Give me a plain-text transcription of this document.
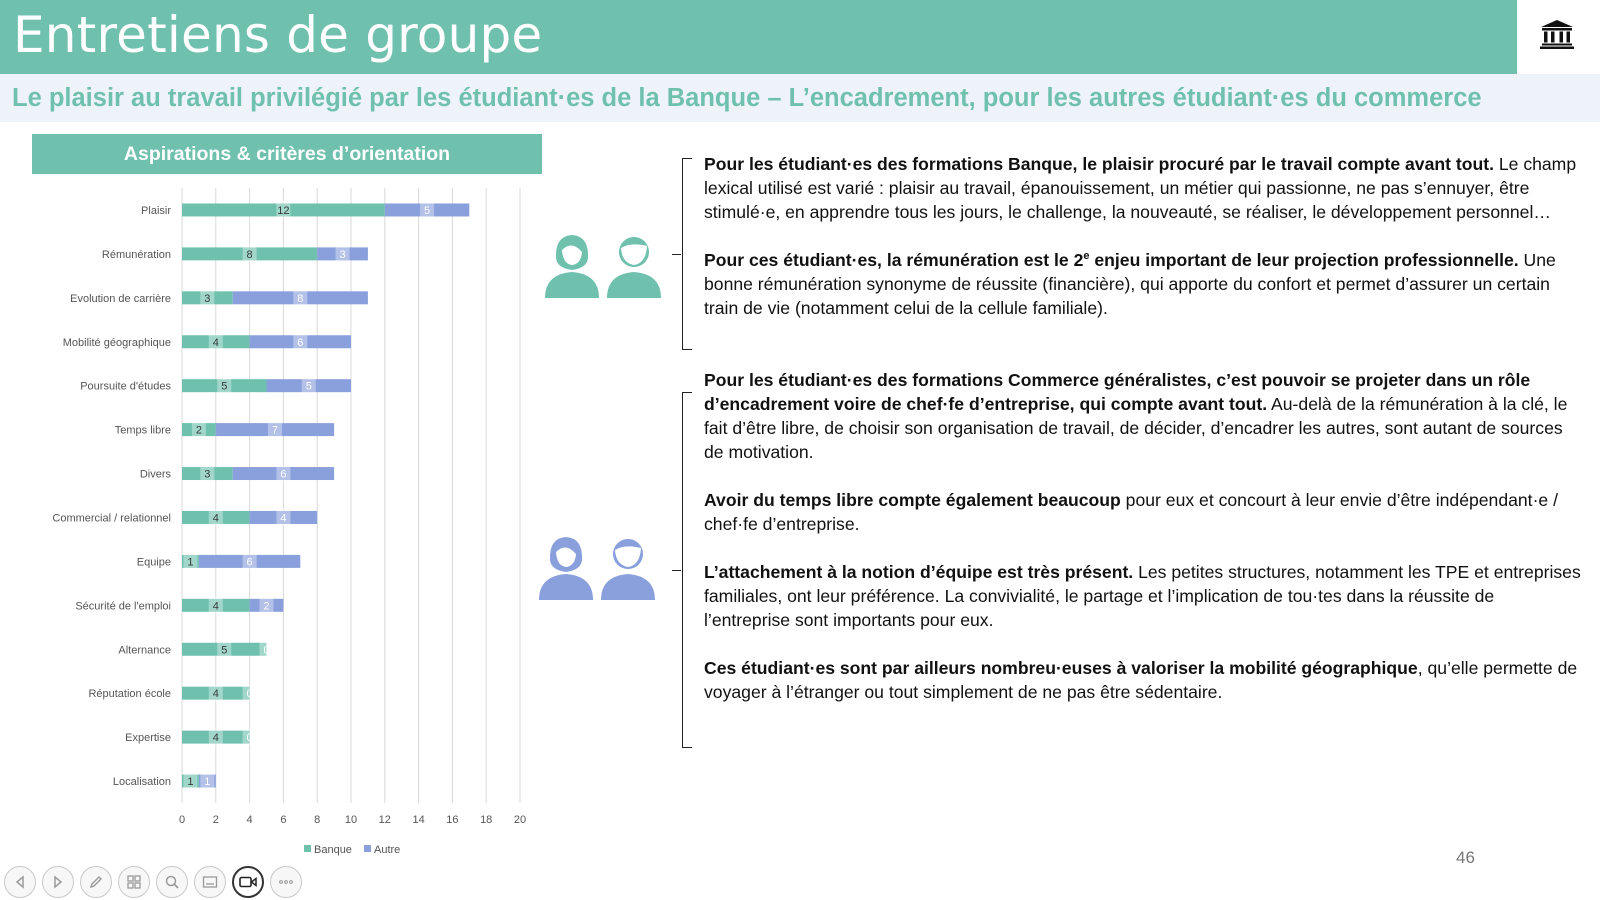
Entretiens de groupe
Le plaisir au travail privilégié par les étudiant·es de la Banque – L’encadrement, pour les autres étudiant·es du commerce
Aspirations & critères d’orientation
0	2	4	6	8 10 12 14 16 18 20
Plaisir	12	5
Rémunération	8	3
Evolution de carrière	3	8
Mobilité géographique	4	6
Poursuite d'études	5	5
Temps libre 2	7
Divers	3	6
Commercial / relationnel	4	4
Equipe 1	6
Sécurité de l'emploi	4	2
Alternance	5	0
Réputation école	4	0
Expertise	4	0
Localisation 1 1
Banque Autre

Pour les étudiant·es des formations Banque, le plaisir procuré par le travail compte avant tout. Le champ lexical utilisé est varié : plaisir au travail, épanouissement, un métier qui passionne, ne pas s’ennuyer, être stimulé·e, en apprendre tous les jours, le challenge, la nouveauté, se réaliser, le développement personnel…

Pour ces étudiant·es, la rémunération est le 2e enjeu important de leur projection professionnelle. Une bonne rémunération synonyme de réussite (financière), qui apporte du confort et permet d’assurer un certain train de vie (notamment celui de la cellule familiale).

Pour les étudiant·es des formations Commerce généralistes, c’est pouvoir se projeter dans un rôle d’encadrement voire de chef·fe d’entreprise, qui compte avant tout. Au-delà de la rémunération à la clé, le fait d’être libre, de choisir son organisation de travail, de décider, d’encadrer les autres, sont autant de sources de motivation.

Avoir du temps libre compte également beaucoup pour eux et concourt à leur envie d’être indépendant·e / chef·fe d’entreprise.

L’attachement à la notion d’équipe est très présent. Les petites structures, notamment les TPE et entreprises familiales, ont leur préférence. La convivialité, le partage et l’implication de tou·tes dans la réussite de l’entreprise sont importants pour eux.

Ces étudiant·es sont par ailleurs nombreu·euses à valoriser la mobilité géographique, qu’elle permette de voyager à l’étranger ou tout simplement de ne pas être sédentaire.

46
